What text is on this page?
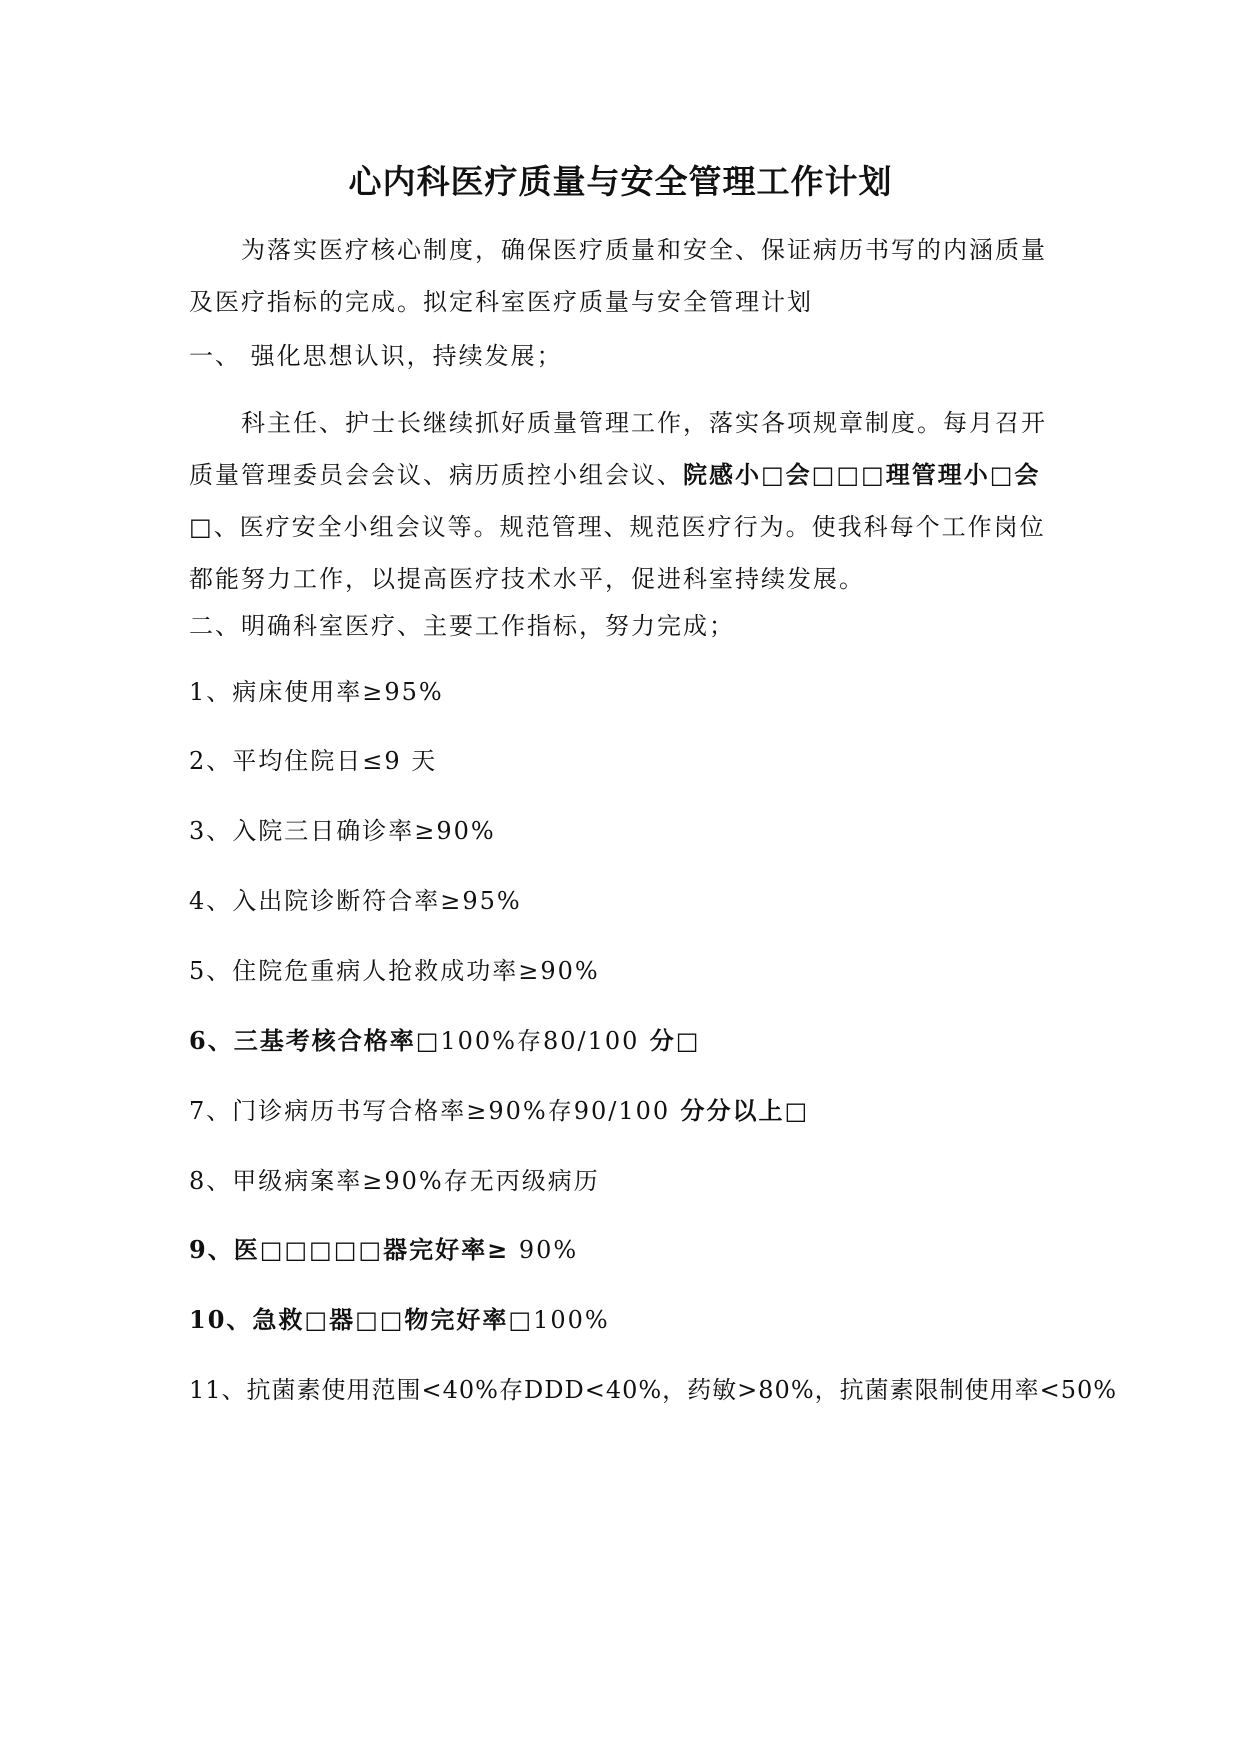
心内科医疗质量与安全管理工作计划
为落实医疗核心制度，确保医疗质量和安全、保证病历书写的内涵质量及医疗指标的完成。拟定科室医疗质量与安全管理计划
一、 强化思想认识，持续发展；
科主任、护士长继续抓好质量管理工作，落实各项规章制度。每月召开质量管理委员会会议、病历质控小组会议、院感小□会□□□理管理小□会□、医疗安全小组会议等。规范管理、规范医疗行为。使我科每个工作岗位都能努力工作，以提高医疗技术水平，促进科室持续发展。
二、明确科室医疗、主要工作指标，努力完成；
1、病床使用率≥95%
2、平均住院日≤9 天
3、入院三日确诊率≥90%
4、入出院诊断符合率≥95%
5、住院危重病人抢救成功率≥90%
6、三基考核合格率□100%存80/100 分□
7、门诊病历书写合格率≥90%存90/100 分分以上□
8、甲级病案率≥90%存无丙级病历
9、医□□□□□器完好率≥ 90%
10、急救□器□□物完好率□100%
11、抗菌素使用范围<40%存DDD<40%，药敏>80%，抗菌素限制使用率<50%
